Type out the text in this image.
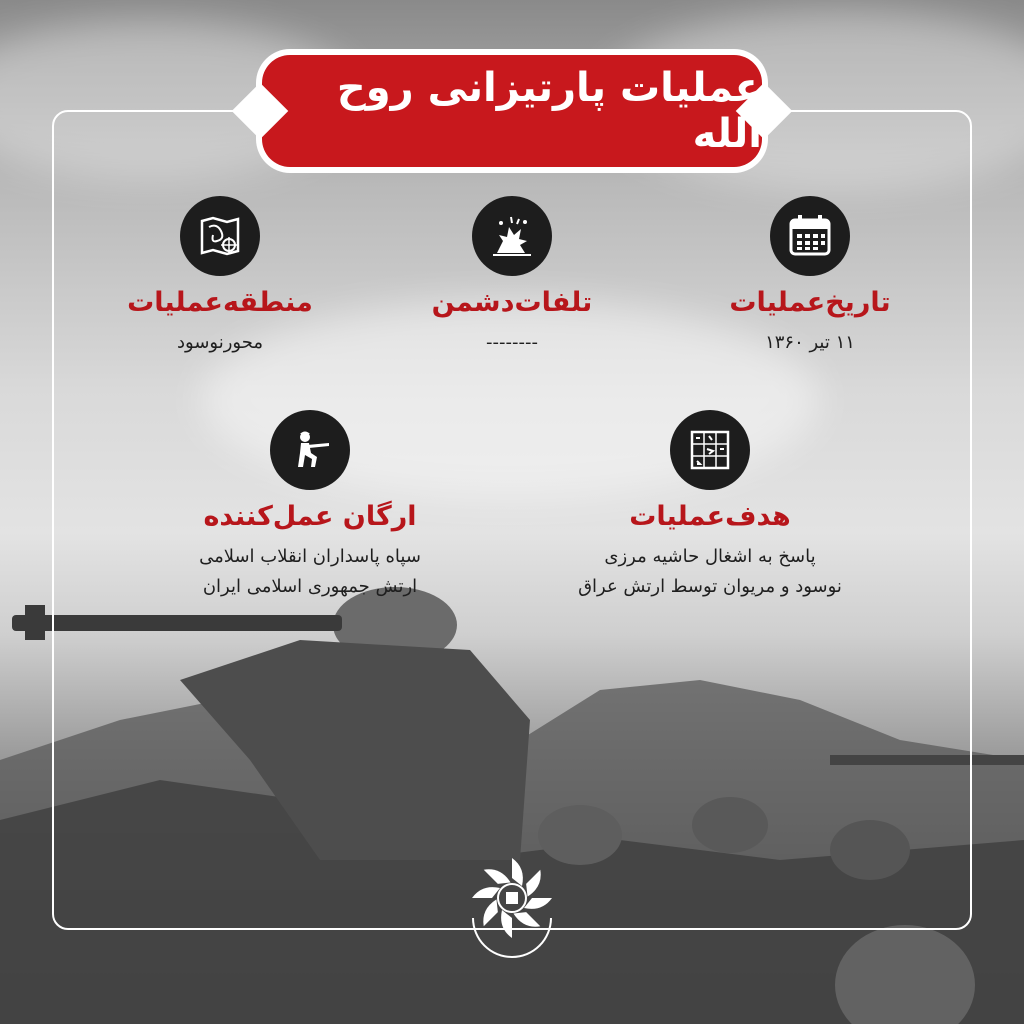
عملیات پارتیزانی روح الله
تاریخ‌عملیات
۱۱ تیر ۱۳۶۰
تلفات‌دشمن
--------
منطقه‌عملیات
محورنوسود
هدف‌عملیات
پاسخ به اشغال حاشیه مرزی
نوسود و مریوان توسط ارتش عراق
ارگان عمل‌کننده
سپاه پاسداران انقلاب اسلامی
ارتش جمهوری اسلامی ایران
